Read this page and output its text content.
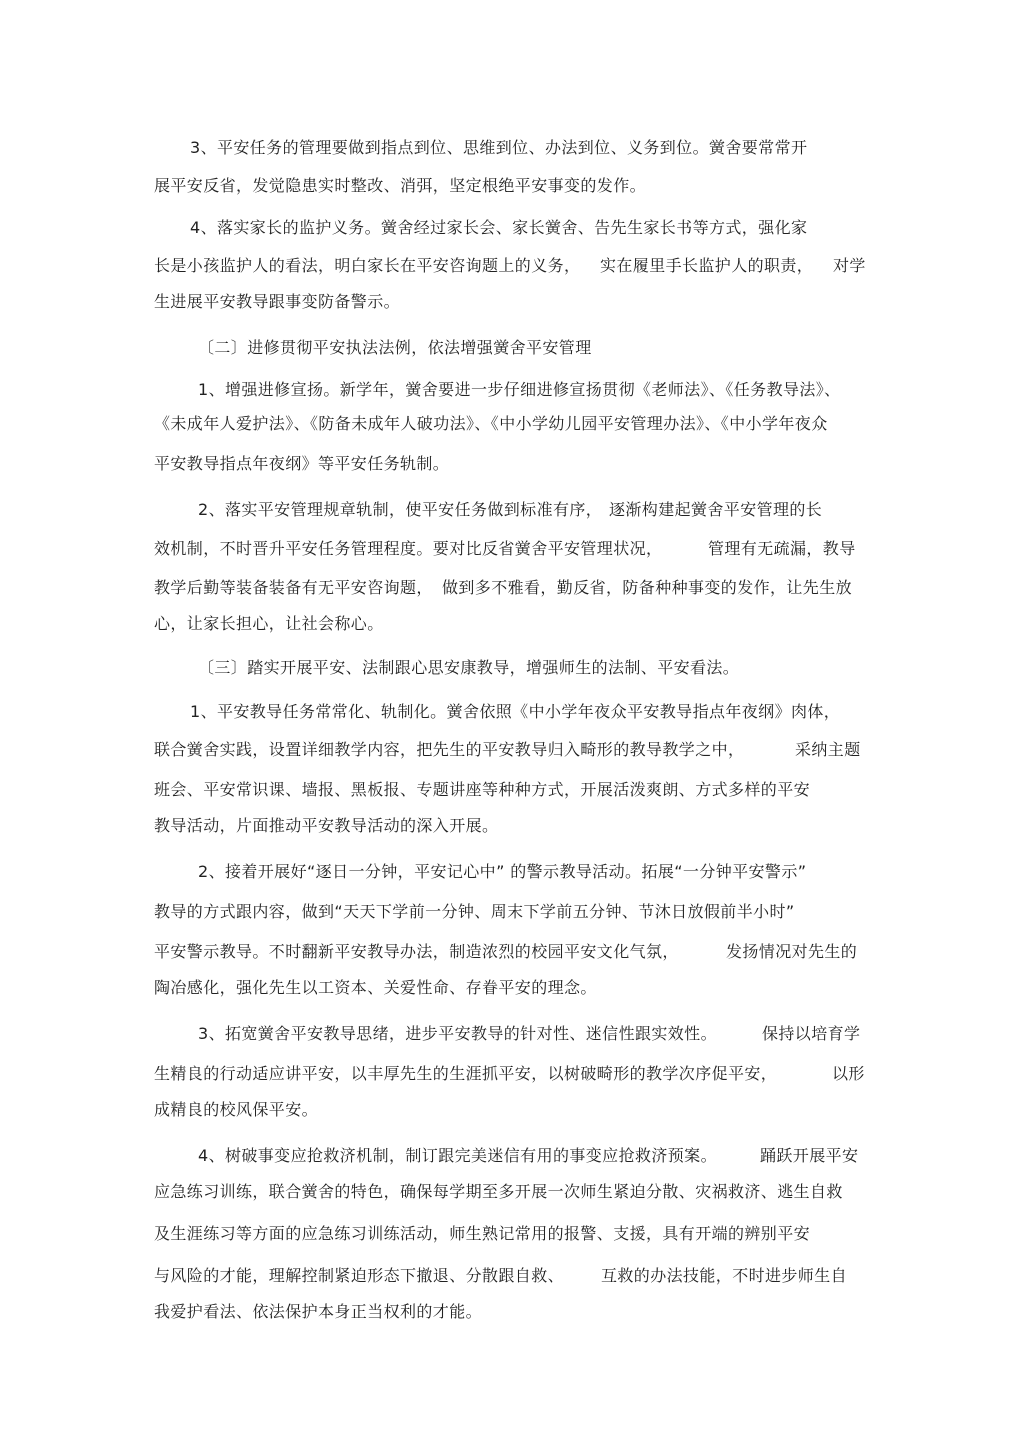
3、平安任务的管理要做到指点到位、思维到位、办法到位、义务到位。黉舍要常常开
展平安反省，发觉隐患实时整改、消弭，坚定根绝平安事变的发作。
4、落实家长的监护义务。黉舍经过家长会、家长黉舍、告先生家长书等方式，强化家
长是小孩监护人的看法，明白家长在平安咨询题上的义务， 实在履里手长监护人的职责， 对学
生进展平安教导跟事变防备警示。
〔二〕进修贯彻平安执法法例，依法增强黉舍平安管理
1、增强进修宣扬。新学年，黉舍要进一步仔细进修宣扬贯彻《老师法》、《任务教导法》、
《未成年人爱护法》、《防备未成年人破功法》、《中小学幼儿园平安管理办法》、《中小学年夜众
平安教导指点年夜纲》等平安任务轨制。
2、落实平安管理规章轨制，使平安任务做到标准有序， 逐渐构建起黉舍平安管理的长
效机制，不时晋升平安任务管理程度。要对比反省黉舍平安管理状况，	管理有无疏漏，教导
教学后勤等装备装备有无平安咨询题， 做到多不雅看，勤反省，防备种种事变的发作，让先生放
心，让家长担心，让社会称心。
〔三〕踏实开展平安、法制跟心思安康教导，增强师生的法制、平安看法。
1、平安教导任务常常化、轨制化。黉舍依照《中小学年夜众平安教导指点年夜纲》肉体，
联合黉舍实践，设置详细教学内容，把先生的平安教导归入畸形的教导教学之中，	采纳主题
班会、平安常识课、墙报、黑板报、专题讲座等种种方式，开展活泼爽朗、方式多样的平安
教导活动，片面推动平安教导活动的深入开展。
2、接着开展好“逐日一分钟，平安记心中” 的警示教导活动。拓展“一分钟平安警示”
教导的方式跟内容，做到“天天下学前一分钟、周末下学前五分钟、节沐日放假前半小时”
平安警示教导。不时翻新平安教导办法，制造浓烈的校园平安文化气氛，	发扬情况对先生的
陶冶感化，强化先生以工资本、关爱性命、存眷平安的理念。
3、拓宽黉舍平安教导思绪，进步平安教导的针对性、迷信性跟实效性。	保持以培育学
生精良的行动适应讲平安，以丰厚先生的生涯抓平安，以树破畸形的教学次序促平安，	以形
成精良的校风保平安。
4、树破事变应抢救济机制，制订跟完美迷信有用的事变应抢救济预案。	踊跃开展平安
应急练习训练，联合黉舍的特色，确保每学期至多开展一次师生紧迫分散、灾祸救济、逃生自救
及生涯练习等方面的应急练习训练活动，师生熟记常用的报警、支援，具有开端的辨别平安
与风险的才能，理解控制紧迫形态下撤退、分散跟自救、 互救的办法技能，不时进步师生自
我爱护看法、依法保护本身正当权利的才能。
